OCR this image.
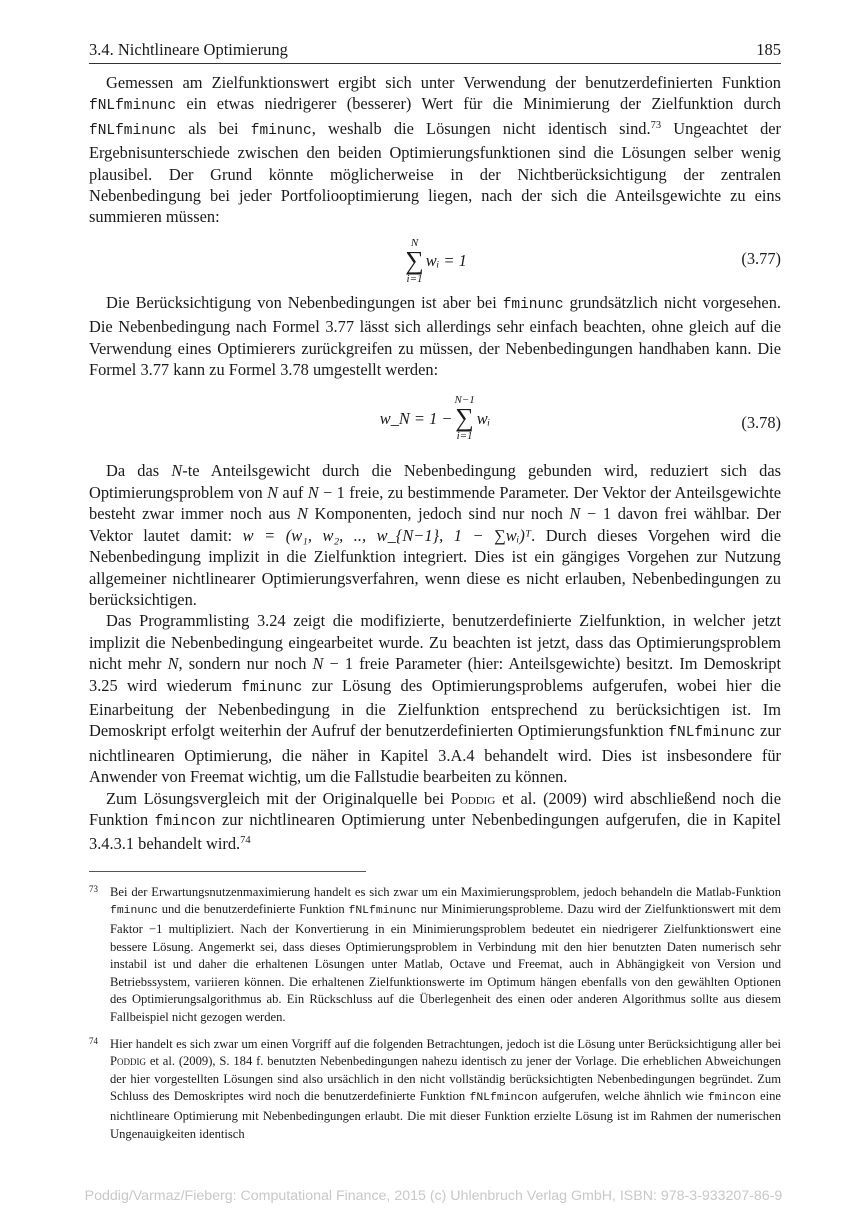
3.4. Nichtlineare Optimierung	185

Gemessen am Zielfunktionswert ergibt sich unter Verwendung der benutzerdefinierten Funktion fNLfminunc ein etwas niedrigerer (besserer) Wert für die Minimierung der Zielfunktion durch fNLfminunc als bei fminunc, weshalb die Lösungen nicht identisch sind.$^{73}$ Ungeachtet der Ergebnisunterschiede zwischen den beiden Optimierungsfunktionen sind die Lösungen selber wenig plausibel. Der Grund könnte möglicherweise in der Nichtberücksichtigung der zentralen Nebenbedingung bei jeder Portfoliooptimierung liegen, nach der sich die Anteilsgewichte zu eins summieren müssen:

N
∑
i=1
wᵢ = 1	(3.77)

Die Berücksichtigung von Nebenbedingungen ist aber bei fminunc grundsätzlich nicht vorgesehen. Die Nebenbedingung nach Formel 3.77 lässt sich allerdings sehr einfach beachten, ohne gleich auf die Verwendung eines Optimierers zurückgreifen zu müssen, der Nebenbedingungen handhaben kann. Die Formel 3.77 kann zu Formel 3.78 umgestellt werden:

w_N = 1 −
N−1
∑
i=1
wᵢ	(3.78)

Da das N-te Anteilsgewicht durch die Nebenbedingung gebunden wird, reduziert sich das Optimierungsproblem von N auf N − 1 freie, zu bestimmende Parameter. Der Vektor der Anteilsgewichte besteht zwar immer noch aus N Komponenten, jedoch sind nur noch N − 1 davon frei wählbar. Der Vektor lautet damit: w = (w₁, w₂, .., w_{N−1}, 1 − ∑wᵢ)ᵀ. Durch dieses Vorgehen wird die Nebenbedingung implizit in die Zielfunktion integriert. Dies ist ein gängiges Vorgehen zur Nutzung allgemeiner nichtlinearer Optimierungsverfahren, wenn diese es nicht erlauben, Nebenbedingungen zu berücksichtigen.

Das Programmlisting 3.24 zeigt die modifizierte, benutzerdefinierte Zielfunktion, in welcher jetzt implizit die Nebenbedingung eingearbeitet wurde. Zu beachten ist jetzt, dass das Optimierungsproblem nicht mehr N, sondern nur noch N − 1 freie Parameter (hier: Anteilsgewichte) besitzt. Im Demoskript 3.25 wird wiederum fminunc zur Lösung des Optimierungsproblems aufgerufen, wobei hier die Einarbeitung der Nebenbedingung in die Zielfunktion entsprechend zu berücksichtigen ist. Im Demoskript erfolgt weiterhin der Aufruf der benutzerdefinierten Optimierungsfunktion fNLfminunc zur nichtlinearen Optimierung, die näher in Kapitel 3.A.4 behandelt wird. Dies ist insbesondere für Anwender von Freemat wichtig, um die Fallstudie bearbeiten zu können.

Zum Lösungsvergleich mit der Originalquelle bei Poddig et al. (2009) wird abschließend noch die Funktion fmincon zur nichtlinearen Optimierung unter Nebenbedingungen aufgerufen, die in Kapitel 3.4.3.1 behandelt wird.$^{74}$

73 Bei der Erwartungsnutzenmaximierung handelt es sich zwar um ein Maximierungsproblem, jedoch behandeln die Matlab-Funktion fminunc und die benutzerdefinierte Funktion fNLfminunc nur Minimierungsprobleme. Dazu wird der Zielfunktionswert mit dem Faktor −1 multipliziert. Nach der Konvertierung in ein Minimierungsproblem bedeutet ein niedrigerer Zielfunktionswert eine bessere Lösung. Angemerkt sei, dass dieses Optimierungsproblem in Verbindung mit den hier benutzten Daten numerisch sehr instabil ist und daher die erhaltenen Lösungen unter Matlab, Octave und Freemat, auch in Abhängigkeit von Version und Betriebssystem, variieren können. Die erhaltenen Zielfunktionswerte im Optimum hängen ebenfalls von den gewählten Optionen des Optimierungsalgorithmus ab. Ein Rückschluss auf die Überlegenheit des einen oder anderen Algorithmus sollte aus diesem Fallbeispiel nicht gezogen werden.
74 Hier handelt es sich zwar um einen Vorgriff auf die folgenden Betrachtungen, jedoch ist die Lösung unter Berücksichtigung aller bei Poddig et al. (2009), S. 184 f. benutzten Nebenbedingungen nahezu identisch zu jener der Vorlage. Die erheblichen Abweichungen der hier vorgestellten Lösungen sind also ursächlich in den nicht vollständig berücksichtigten Nebenbedingungen begründet. Zum Schluss des Demoskriptes wird noch die benutzerdefinierte Funktion fNLfmincon aufgerufen, welche ähnlich wie fmincon eine nichtlineare Optimierung mit Nebenbedingungen erlaubt. Die mit dieser Funktion erzielte Lösung ist im Rahmen der numerischen Ungenauigkeiten identisch
Poddig/Varmaz/Fieberg: Computational Finance, 2015 (c) Uhlenbruch Verlag GmbH, ISBN: 978-3-933207-86-9
